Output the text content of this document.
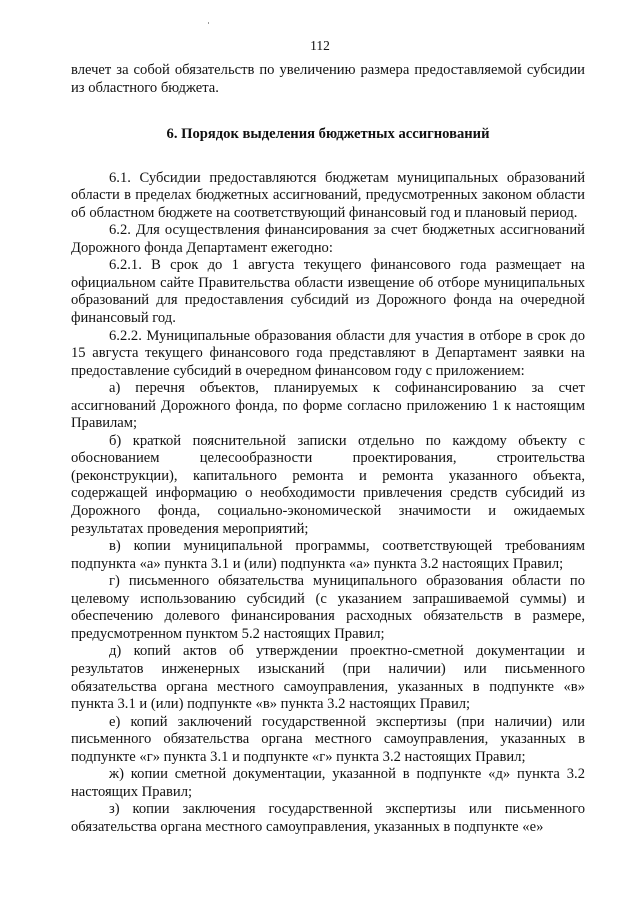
112

влечет за собой обязательств по увеличению размера предоставляемой субсидии из областного бюджета.

6. Порядок выделения бюджетных ассигнований

6.1. Субсидии предоставляются бюджетам муниципальных образований области в пределах бюджетных ассигнований, предусмотренных законом области об областном бюджете на соответствующий финансовый год и плановый период.

6.2. Для осуществления финансирования за счет бюджетных ассигнований Дорожного фонда Департамент ежегодно:

6.2.1. В срок до 1 августа текущего финансового года размещает на официальном сайте Правительства области извещение об отборе муниципальных образований для предоставления субсидий из Дорожного фонда на очередной финансовый год.

6.2.2. Муниципальные образования области для участия в отборе в срок до 15 августа текущего финансового года представляют в Департамент заявки на предоставление субсидий в очередном финансовом году с приложением:

а) перечня объектов, планируемых к софинансированию за счет ассигнований Дорожного фонда, по форме согласно приложению 1 к настоящим Правилам;

б) краткой пояснительной записки отдельно по каждому объекту с обоснованием целесообразности проектирования, строительства (реконструкции), капитального ремонта и ремонта указанного объекта, содержащей информацию о необходимости привлечения средств субсидий из Дорожного фонда, социально-экономической значимости и ожидаемых результатах проведения мероприятий;

в) копии муниципальной программы, соответствующей требованиям подпункта «а» пункта 3.1 и (или) подпункта «а» пункта 3.2 настоящих Правил;

г) письменного обязательства муниципального образования области по целевому использованию субсидий (с указанием запрашиваемой суммы) и обеспечению долевого финансирования расходных обязательств в размере, предусмотренном пунктом 5.2 настоящих Правил;

д) копий актов об утверждении проектно-сметной документации и результатов инженерных изысканий (при наличии) или письменного обязательства органа местного самоуправления, указанных в подпункте «в» пункта 3.1 и (или) подпункте «в» пункта 3.2 настоящих Правил;

е) копий заключений государственной экспертизы (при наличии) или письменного обязательства органа местного самоуправления, указанных в подпункте «г» пункта 3.1 и подпункте «г» пункта 3.2 настоящих Правил;

ж) копии сметной документации, указанной в подпункте «д» пункта 3.2 настоящих Правил;

з) копии заключения государственной экспертизы или письменного обязательства органа местного самоуправления, указанных в подпункте «е»
